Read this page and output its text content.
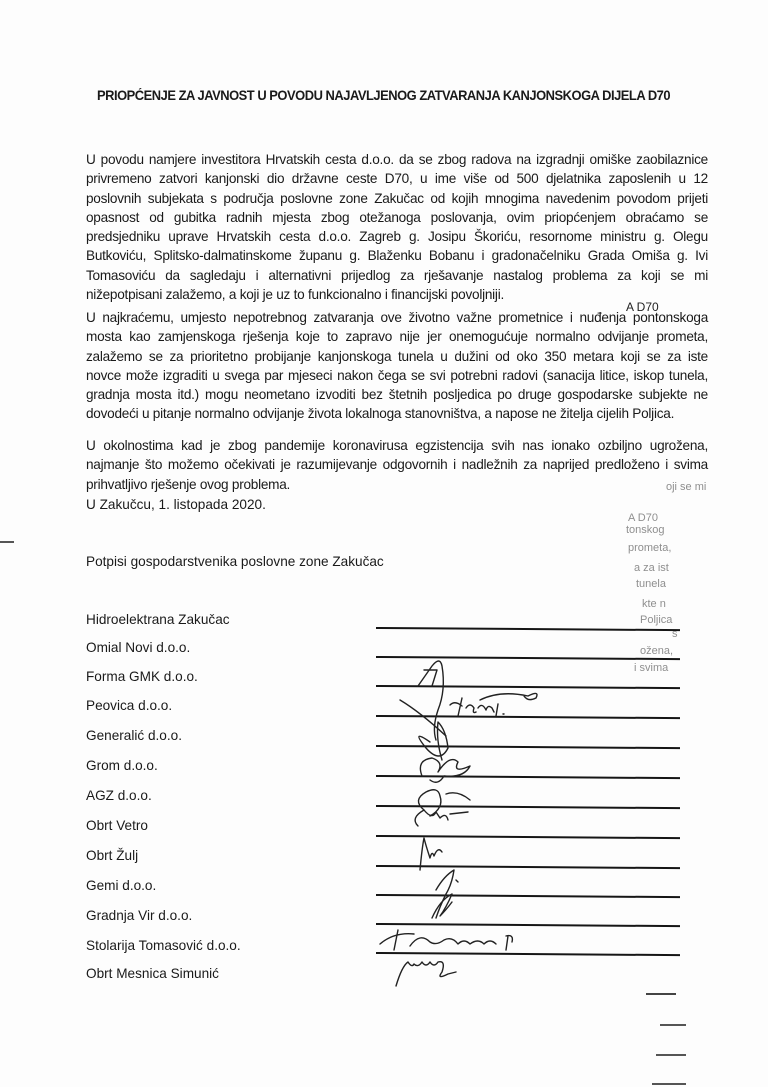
PRIOPĆENJE ZA JAVNOST U POVODU NAJAVLJENOG ZATVARANJA KANJONSKOGA DIJELA D70
U povodu namjere investitora Hrvatskih cesta d.o.o. da se zbog radova na izgradnji omiške zaobilaznice
privremeno zatvori kanjonski dio državne ceste D70, u ime više od 500 djelatnika zaposlenih u 12
poslovnih subjekata s područja poslovne zone Zakučac od kojih mnogima navedenim povodom prijeti
opasnost od gubitka radnih mjesta zbog otežanoga poslovanja, ovim priopćenjem obraćamo se
predsjedniku uprave Hrvatskih cesta d.o.o. Zagreb g. Josipu Škoriću, resornome ministru g. Olegu
Butkoviću, Splitsko-dalmatinskome županu g. Blaženku Bobanu i gradonačelniku Grada Omiša g. Ivi
Tomasoviću da sagledaju i alternativni prijedlog za rješavanje nastalog problema za koji se mi
nižepotpisani zalažemo, a koji je uz to funkcionalno i financijski povoljniji.
A D70
U najkraćemu, umjesto nepotrebnog zatvaranja ove životno važne prometnice i nuđenja pontonskoga
mosta kao zamjenskoga rješenja koje to zapravo nije jer onemogućuje normalno odvijanje prometa,
zalažemo se za prioritetno probijanje kanjonskoga tunela u dužini od oko 350 metara koji se za iste
novce može izgraditi u svega par mjeseci nakon čega se svi potrebni radovi (sanacija litice, iskop tunela,
gradnja mosta itd.) mogu neometano izvoditi bez štetnih posljedica po druge gospodarske subjekte ne
dovodeći u pitanje normalno odvijanje života lokalnoga stanovništva, a napose ne žitelja cijelih Poljica.
U okolnostima kad je zbog pandemije koronavirusa egzistencija svih nas ionako ozbiljno ugrožena,
najmanje što možemo očekivati je razumijevanje odgovornih i nadležnih za naprijed predloženo i svima
prihvatljivo rješenje ovog problema.
U Zakučcu, 1. listopada 2020.
Potpisi gospodarstvenika poslovne zone Zakučac
Hidroelektrana Zakučac
Omial Novi d.o.o.
Forma GMK d.o.o.
Peovica d.o.o.
Generalić d.o.o.
Grom d.o.o.
AGZ d.o.o.
Obrt Vetro
Obrt Žulj
Gemi d.o.o.
Gradnja Vir d.o.o.
Stolarija Tomasović d.o.o.
Obrt Mesnica Simunić
A D70
tonskog
prometa,
a za ist
tunela
kte n
Poljica
s
ožena,
i svima
oji se mi
